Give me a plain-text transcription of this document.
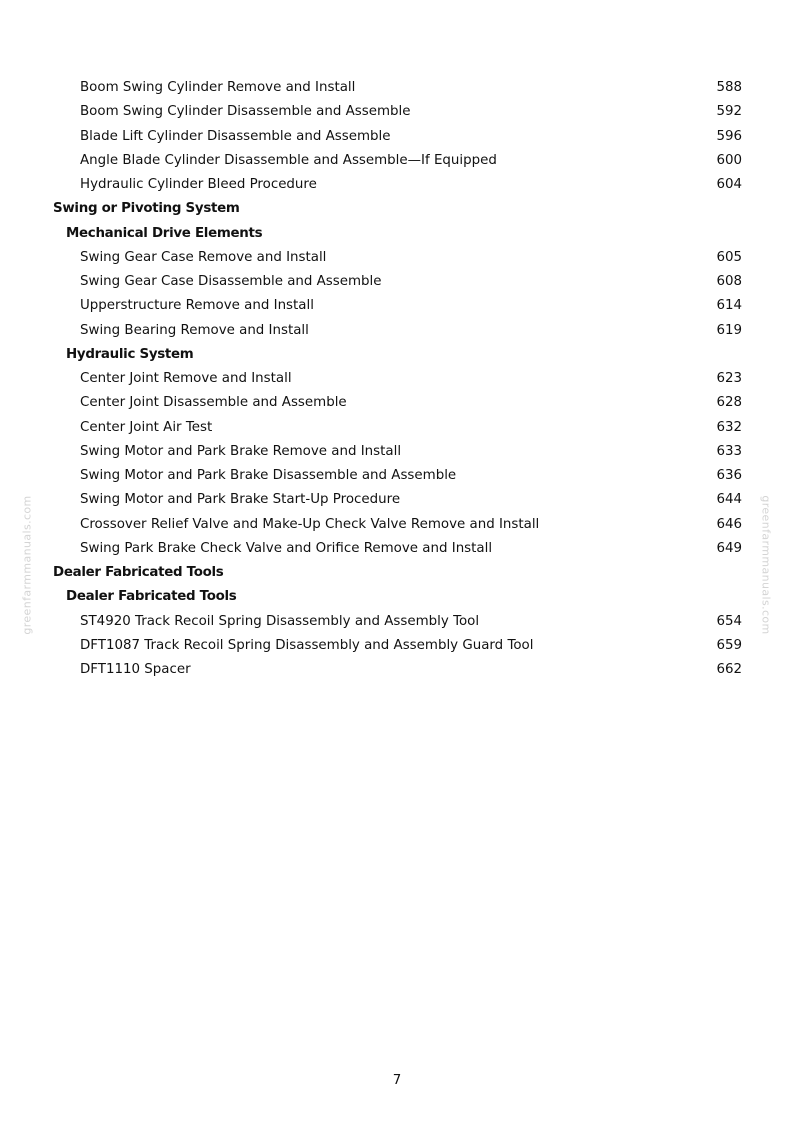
greenfarmmanuals.com	greenfarmmanuals.com
Boom Swing Cylinder Remove and Install	588
Boom Swing Cylinder Disassemble and Assemble	592
Blade Lift Cylinder Disassemble and Assemble	596
Angle Blade Cylinder Disassemble and Assemble—If Equipped	600
Hydraulic Cylinder Bleed Procedure	604
Swing or Pivoting System
Mechanical Drive Elements
Swing Gear Case Remove and Install	605
Swing Gear Case Disassemble and Assemble	608
Upperstructure Remove and Install	614
Swing Bearing Remove and Install	619
Hydraulic System
Center Joint Remove and Install	623
Center Joint Disassemble and Assemble	628
Center Joint Air Test	632
Swing Motor and Park Brake Remove and Install	633
Swing Motor and Park Brake Disassemble and Assemble	636
Swing Motor and Park Brake Start-Up Procedure	644
Crossover Relief Valve and Make-Up Check Valve Remove and Install	646
Swing Park Brake Check Valve and Orifice Remove and Install	649
Dealer Fabricated Tools
Dealer Fabricated Tools
ST4920 Track Recoil Spring Disassembly and Assembly Tool	654
DFT1087 Track Recoil Spring Disassembly and Assembly Guard Tool	659
DFT1110 Spacer	662
7
